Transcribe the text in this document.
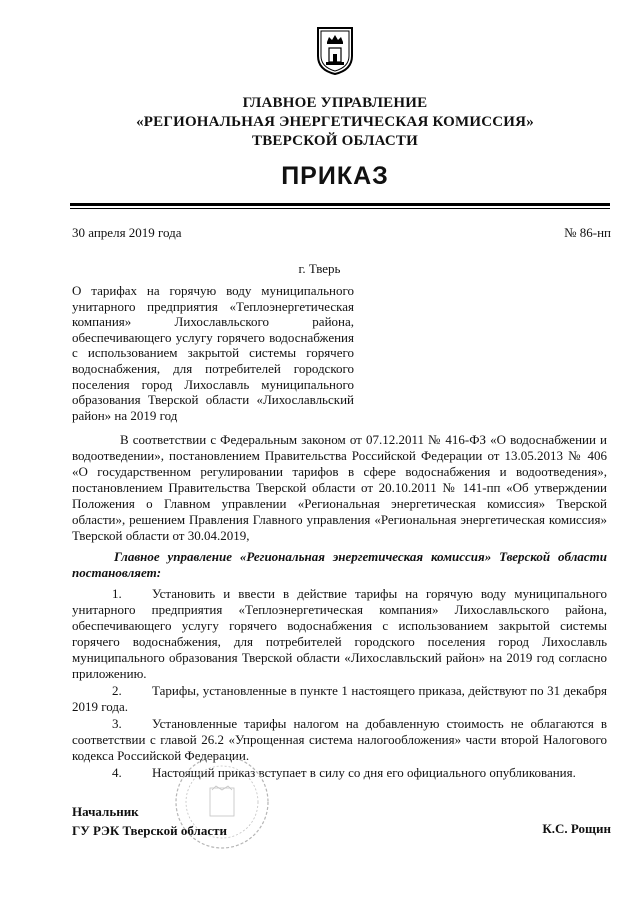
ГЛАВНОЕ УПРАВЛЕНИЕ
«РЕГИОНАЛЬНАЯ ЭНЕРГЕТИЧЕСКАЯ КОМИССИЯ»
ТВЕРСКОЙ ОБЛАСТИ
ПРИКАЗ
30 апреля 2019 года	№ 86-нп
г. Тверь
О тарифах на горячую воду муниципального унитарного предприятия «Теплоэнергетическая компания» Лихославльского района, обеспечивающего услугу горячего водоснабжения с использованием закрытой системы горячего водоснабжения, для потребителей городского поселения город Лихославль муниципального образования Тверской области «Лихославльский район» на 2019 год
В соответствии с Федеральным законом от 07.12.2011 № 416-ФЗ «О водоснабжении и водоотведении», постановлением Правительства Российской Федерации от 13.05.2013 № 406 «О государственном регулировании тарифов в сфере водоснабжения и водоотведения», постановлением Правительства Тверской области от 20.10.2011 № 141-пп «Об утверждении Положения о Главном управлении «Региональная энергетическая комиссия» Тверской области», решением Правления Главного управления «Региональная энергетическая комиссия» Тверской области от 30.04.2019,
Главное управление «Региональная энергетическая комиссия» Тверской области постановляет:
1. Установить и ввести в действие тарифы на горячую воду муниципального унитарного предприятия «Теплоэнергетическая компания» Лихославльского района, обеспечивающего услугу горячего водоснабжения с использованием закрытой системы горячего водоснабжения, для потребителей городского поселения город Лихославль муниципального образования Тверской области «Лихославльский район» на 2019 год согласно приложению.
2. Тарифы, установленные в пункте 1 настоящего приказа, действуют по 31 декабря 2019 года.
3. Установленные тарифы налогом на добавленную стоимость не облагаются в соответствии с главой 26.2 «Упрощенная система налогообложения» части второй Налогового кодекса Российской Федерации.
4. Настоящий приказ вступает в силу со дня его официального опубликования.
Начальник
ГУ РЭК Тверской области	К.С. Рощин
